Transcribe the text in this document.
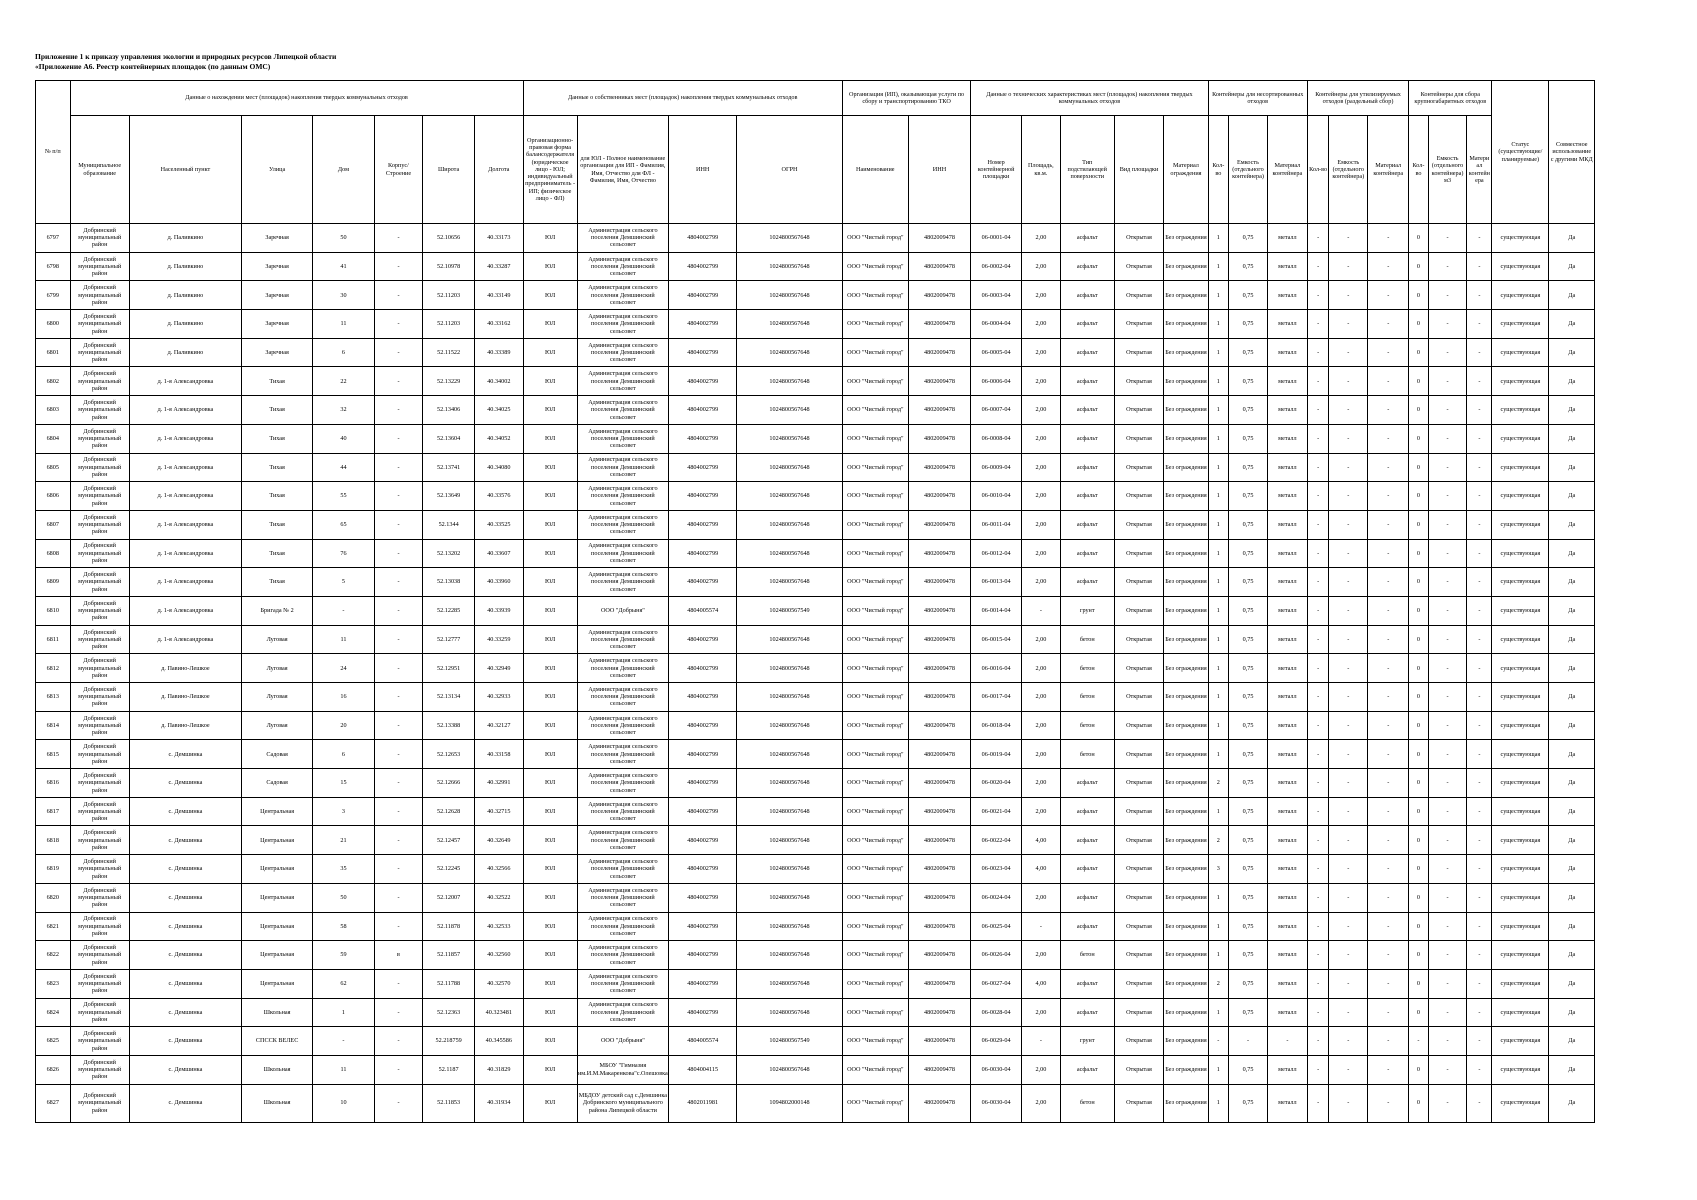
Приложение 1 к приказу управления экологии и природных ресурсов Липецкой области
«Приложение А6. Реестр контейнерных площадок (по данным ОМС)
№ п/п	Данные о нахождении мест (площадок) накопления твердых коммунальных отходов							Данные о собственниках мест (площадок) накопления твердых коммунальных отходов				Организация (ИП), оказывающая услуги по сбору и транспортированию ТКО		Данные о технических характеристиках мест (площадок) накопления твердых коммунальных отходов					Контейнеры для несортированных отходов			Контейнеры для утилизируемых отходов (раздельный сбор)			Контейнеры для сбора крупногабаритных отходов			Статус (существующие/ планируемые)	Совместное использование с другими МКД
	Муниципальное образование	Населенный пункт	Улица	Дом	Корпус/Строение	Широта	Долгота	Организационно-правовая форма балансодержателя (юридическое лицо - ЮЛ; индивидуальный предприниматель - ИП; физическое лицо - ФЛ)	для ЮЛ - Полное наименование организации для ИП - Фамилия, Имя, Отчество для ФЛ - Фамилия, Имя, Отчество	ИНН	ОГРН	Наименование	ИНН	Номер контейнерной площадки	Площадь, кв.м.	Тип подстилающей поверхности	Вид площадки	Материал ограждения	Кол-во	Емкость (отдельного контейнера)	Материал контейнера	Кол-во	Емкость (отдельного контейнера)	Материал контейнера	Кол-во	Емкость (отдельного контейнера) м3	Материал контейнера		
6797	Добринский муниципальный район	д. Паливкино	Заречная	50	-	52.10656	40.33173	ЮЛ	Администрация сельского поселения Демшинский сельсовет	4804002799	1024800567648	ООО "Чистый город"	4802009478	06-0001-04	2,00	асфальт	Открытая	Без ограждения	1	0,75	металл	-	-	-	0	-	-	существующая	Да
6798	Добринский муниципальный район	д. Паливкино	Заречная	41	-	52.10978	40.33287	ЮЛ	Администрация сельского поселения Демшинский сельсовет	4804002799	1024800567648	ООО "Чистый город"	4802009478	06-0002-04	2,00	асфальт	Открытая	Без ограждения	1	0,75	металл	-	-	-	0	-	-	существующая	Да
6799	Добринский муниципальный район	д. Паливкино	Заречная	30	-	52.11203	40.33149	ЮЛ	Администрация сельского поселения Демшинский сельсовет	4804002799	1024800567648	ООО "Чистый город"	4802009478	06-0003-04	2,00	асфальт	Открытая	Без ограждения	1	0,75	металл	-	-	-	0	-	-	существующая	Да
6800	Добринский муниципальный район	д. Паливкино	Заречная	11	-	52.11203	40.33162	ЮЛ	Администрация сельского поселения Демшинский сельсовет	4804002799	1024800567648	ООО "Чистый город"	4802009478	06-0004-04	2,00	асфальт	Открытая	Без ограждения	1	0,75	металл	-	-	-	0	-	-	существующая	Да
6801	Добринский муниципальный район	д. Паливкино	Заречная	6	-	52.11522	40.33389	ЮЛ	Администрация сельского поселения Демшинский сельсовет	4804002799	1024800567648	ООО "Чистый город"	4802009478	06-0005-04	2,00	асфальт	Открытая	Без ограждения	1	0,75	металл	-	-	-	0	-	-	существующая	Да
6802	Добринский муниципальный район	д. 1-я Александровка	Тихая	22	-	52.13229	40.34002	ЮЛ	Администрация сельского поселения Демшинский сельсовет	4804002799	1024800567648	ООО "Чистый город"	4802009478	06-0006-04	2,00	асфальт	Открытая	Без ограждения	1	0,75	металл	-	-	-	0	-	-	существующая	Да
6803	Добринский муниципальный район	д. 1-я Александровка	Тихая	32	-	52.13406	40.34025	ЮЛ	Администрация сельского поселения Демшинский сельсовет	4804002799	1024800567648	ООО "Чистый город"	4802009478	06-0007-04	2,00	асфальт	Открытая	Без ограждения	1	0,75	металл	-	-	-	0	-	-	существующая	Да
6804	Добринский муниципальный район	д. 1-я Александровка	Тихая	40	-	52.13604	40.34052	ЮЛ	Администрация сельского поселения Демшинский сельсовет	4804002799	1024800567648	ООО "Чистый город"	4802009478	06-0008-04	2,00	асфальт	Открытая	Без ограждения	1	0,75	металл	-	-	-	0	-	-	существующая	Да
6805	Добринский муниципальный район	д. 1-я Александровка	Тихая	44	-	52.13741	40.34080	ЮЛ	Администрация сельского поселения Демшинский сельсовет	4804002799	1024800567648	ООО "Чистый город"	4802009478	06-0009-04	2,00	асфальт	Открытая	Без ограждения	1	0,75	металл	-	-	-	0	-	-	существующая	Да
6806	Добринский муниципальный район	д. 1-я Александровка	Тихая	55	-	52.13649	40.33576	ЮЛ	Администрация сельского поселения Демшинский сельсовет	4804002799	1024800567648	ООО "Чистый город"	4802009478	06-0010-04	2,00	асфальт	Открытая	Без ограждения	1	0,75	металл	-	-	-	0	-	-	существующая	Да
6807	Добринский муниципальный район	д. 1-я Александровка	Тихая	65	-	52.1344	40.33525	ЮЛ	Администрация сельского поселения Демшинский сельсовет	4804002799	1024800567648	ООО "Чистый город"	4802009478	06-0011-04	2,00	асфальт	Открытая	Без ограждения	1	0,75	металл	-	-	-	0	-	-	существующая	Да
6808	Добринский муниципальный район	д. 1-я Александровка	Тихая	76	-	52.13202	40.33607	ЮЛ	Администрация сельского поселения Демшинский сельсовет	4804002799	1024800567648	ООО "Чистый город"	4802009478	06-0012-04	2,00	асфальт	Открытая	Без ограждения	1	0,75	металл	-	-	-	0	-	-	существующая	Да
6809	Добринский муниципальный район	д. 1-я Александровка	Тихая	5	-	52.13038	40.33960	ЮЛ	Администрация сельского поселения Демшинский сельсовет	4804002799	1024800567648	ООО "Чистый город"	4802009478	06-0013-04	2,00	асфальт	Открытая	Без ограждения	1	0,75	металл	-	-	-	0	-	-	существующая	Да
6810	Добринский муниципальный район	д. 1-я Александровка	Бригада № 2	-	-	52.12285	40.33939	ЮЛ	ООО "Добрыня"	4804005574	1024800567549	ООО "Чистый город"	4802009478	06-0014-04	-	грунт	Открытая	Без ограждения	1	0,75	металл	-	-	-	0	-	-	существующая	Да
6811	Добринский муниципальный район	д. 1-я Александровка	Луговая	11	-	52.12777	40.33259	ЮЛ	Администрация сельского поселения Демшинский сельсовет	4804002799	1024800567648	ООО "Чистый город"	4802009478	06-0015-04	2,00	бетон	Открытая	Без ограждения	1	0,75	металл	-	-	-	0	-	-	существующая	Да
6812	Добринский муниципальный район	д. Павино-Лешкое	Луговая	24	-	52.12951	40.32949	ЮЛ	Администрация сельского поселения Демшинский сельсовет	4804002799	1024800567648	ООО "Чистый город"	4802009478	06-0016-04	2,00	бетон	Открытая	Без ограждения	1	0,75	металл	-	-	-	0	-	-	существующая	Да
6813	Добринский муниципальный район	д. Павино-Лешкое	Луговая	16	-	52.13134	40.32933	ЮЛ	Администрация сельского поселения Демшинский сельсовет	4804002799	1024800567648	ООО "Чистый город"	4802009478	06-0017-04	2,00	бетон	Открытая	Без ограждения	1	0,75	металл	-	-	-	0	-	-	существующая	Да
6814	Добринский муниципальный район	д. Павино-Лешкое	Луговая	20	-	52.13388	40.32127	ЮЛ	Администрация сельского поселения Демшинский сельсовет	4804002799	1024800567648	ООО "Чистый город"	4802009478	06-0018-04	2,00	бетон	Открытая	Без ограждения	1	0,75	металл	-	-	-	0	-	-	существующая	Да
6815	Добринский муниципальный район	с. Демшинка	Садовая	6	-	52.12653	40.33158	ЮЛ	Администрация сельского поселения Демшинский сельсовет	4804002799	1024800567648	ООО "Чистый город"	4802009478	06-0019-04	2,00	бетон	Открытая	Без ограждения	1	0,75	металл	-	-	-	0	-	-	существующая	Да
6816	Добринский муниципальный район	с. Демшинка	Садовая	15	-	52.12666	40.32991	ЮЛ	Администрация сельского поселения Демшинский сельсовет	4804002799	1024800567648	ООО "Чистый город"	4802009478	06-0020-04	2,00	асфальт	Открытая	Без ограждения	2	0,75	металл	-	-	-	0	-	-	существующая	Да
6817	Добринский муниципальный район	с. Демшинка	Центральная	3	-	52.12628	40.32715	ЮЛ	Администрация сельского поселения Демшинский сельсовет	4804002799	1024800567648	ООО "Чистый город"	4802009478	06-0021-04	2,00	асфальт	Открытая	Без ограждения	1	0,75	металл	-	-	-	0	-	-	существующая	Да
6818	Добринский муниципальный район	с. Демшинка	Центральная	21	-	52.12457	40.32649	ЮЛ	Администрация сельского поселения Демшинский сельсовет	4804002799	1024800567648	ООО "Чистый город"	4802009478	06-0022-04	4,00	асфальт	Открытая	Без ограждения	2	0,75	металл	-	-	-	0	-	-	существующая	Да
6819	Добринский муниципальный район	с. Демшинка	Центральная	35	-	52.12245	40.32566	ЮЛ	Администрация сельского поселения Демшинский сельсовет	4804002799	1024800567648	ООО "Чистый город"	4802009478	06-0023-04	4,00	асфальт	Открытая	Без ограждения	3	0,75	металл	-	-	-	0	-	-	существующая	Да
6820	Добринский муниципальный район	с. Демшинка	Центральная	50	-	52.12007	40.32522	ЮЛ	Администрация сельского поселения Демшинский сельсовет	4804002799	1024800567648	ООО "Чистый город"	4802009478	06-0024-04	2,00	асфальт	Открытая	Без ограждения	1	0,75	металл	-	-	-	0	-	-	существующая	Да
6821	Добринский муниципальный район	с. Демшинка	Центральная	58	-	52.11878	40.32533	ЮЛ	Администрация сельского поселения Демшинский сельсовет	4804002799	1024800567648	ООО "Чистый город"	4802009478	06-0025-04	-	асфальт	Открытая	Без ограждения	1	0,75	металл	-	-	-	0	-	-	существующая	Да
6822	Добринский муниципальный район	с. Демшинка	Центральная	59	в	52.11857	40.32560	ЮЛ	Администрация сельского поселения Демшинский сельсовет	4804002799	1024800567648	ООО "Чистый город"	4802009478	06-0026-04	2,00	бетон	Открытая	Без ограждения	1	0,75	металл	-	-	-	0	-	-	существующая	Да
6823	Добринский муниципальный район	с. Демшинка	Центральная	62	-	52.11788	40.32570	ЮЛ	Администрация сельского поселения Демшинский сельсовет	4804002799	1024800567648	ООО "Чистый город"	4802009478	06-0027-04	4,00	асфальт	Открытая	Без ограждения	2	0,75	металл	-	-	-	0	-	-	существующая	Да
6824	Добринский муниципальный район	с. Демшинка	Школьная	1	-	52.12363	40.323481	ЮЛ	Администрация сельского поселения Демшинский сельсовет	4804002799	1024800567648	ООО "Чистый город"	4802009478	06-0028-04	2,00	асфальт	Открытая	Без ограждения	1	0,75	металл	-	-	-	0	-	-	существующая	Да
6825	Добринский муниципальный район	с. Демшинка	СПССК ВЕЛЕС	-	-	52.218759	40.345586	ЮЛ	ООО "Добрыня"	4804005574	1024800567549	ООО "Чистый город"	4802009478	06-0029-04	-	грунт	Открытая	Без ограждения	-	-	-	-	-	-	-	-	-	существующая	Да
6826	Добринский муниципальный район	с. Демшинка	Школьная	11	-	52.1187	40.31829	ЮЛ	МБОУ "Гимназия им.И.М.Макаренкова"с.Олешовка	4804004115	1024800567648	ООО "Чистый город"	4802009478	06-0030-04	2,00	асфальт	Открытая	Без ограждения	1	0,75	металл	-	-	-	0	-	-	существующая	Да
6827	Добринский муниципальный район	с. Демшинка	Школьная	10	-	52.11853	40.31934	ЮЛ	МБДОУ детский сад с.Демшинка Добринского муниципального района Липецкой области	4802011981	1094802000148	ООО "Чистый город"	4802009478	06-0030-04	2,00	бетон	Открытая	Без ограждения	1	0,75	металл	-	-	-	0	-	-	существующая	Да
